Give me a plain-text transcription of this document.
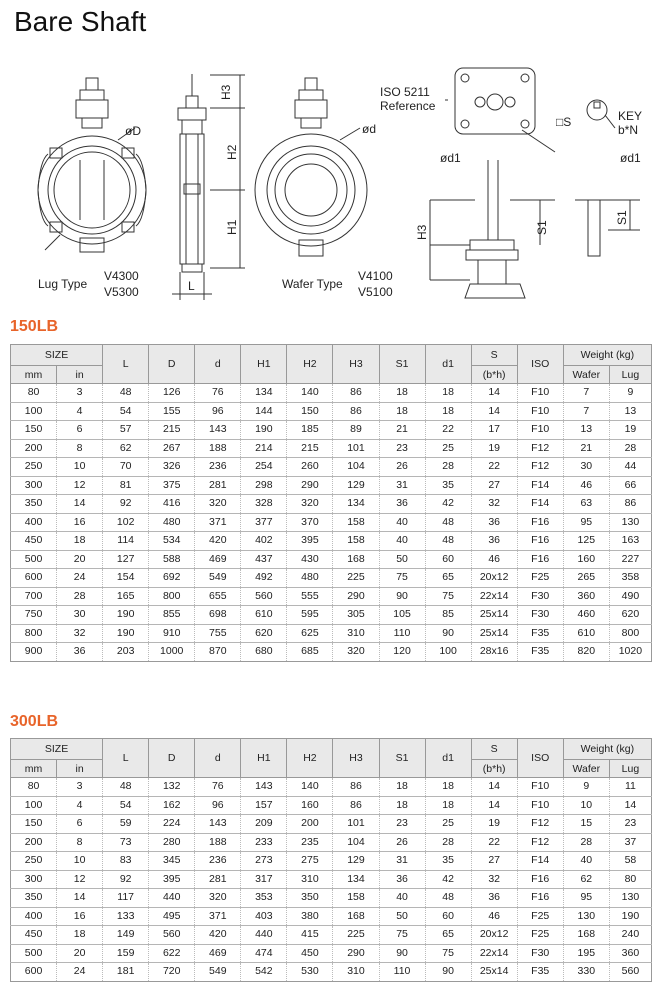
Bare Shaft
øD
H3
H2
H1
L
ød
Lug Type
V4300
V5300
Wafer Type
V4100
V5100
ISO 5211
Reference
□S	KEY
b*N
ød1	ød1
H3	S1
S1
150LB
SIZE		L	D	d	H1	H2	H3	S1	d1	S	ISO	Weight (kg)	
mm	in									(b*h)		Wafer	Lug
80	3	48	126	76	134	140	86	18	18	14	F10	7	9
100	4	54	155	96	144	150	86	18	18	14	F10	7	13
150	6	57	215	143	190	185	89	21	22	17	F10	13	19
200	8	62	267	188	214	215	101	23	25	19	F12	21	28
250	10	70	326	236	254	260	104	26	28	22	F12	30	44
300	12	81	375	281	298	290	129	31	35	27	F14	46	66
350	14	92	416	320	328	320	134	36	42	32	F14	63	86
400	16	102	480	371	377	370	158	40	48	36	F16	95	130
450	18	114	534	420	402	395	158	40	48	36	F16	125	163
500	20	127	588	469	437	430	168	50	60	46	F16	160	227
600	24	154	692	549	492	480	225	75	65	20x12	F25	265	358
700	28	165	800	655	560	555	290	90	75	22x14	F30	360	490
750	30	190	855	698	610	595	305	105	85	25x14	F30	460	620
800	32	190	910	755	620	625	310	110	90	25x14	F35	610	800
900	36	203	1000	870	680	685	320	120	100	28x16	F35	820	1020
300LB
SIZE		L	D	d	H1	H2	H3	S1	d1	S	ISO	Weight (kg)	
mm	in									(b*h)		Wafer	Lug
80	3	48	132	76	143	140	86	18	18	14	F10	9	11
100	4	54	162	96	157	160	86	18	18	14	F10	10	14
150	6	59	224	143	209	200	101	23	25	19	F12	15	23
200	8	73	280	188	233	235	104	26	28	22	F12	28	37
250	10	83	345	236	273	275	129	31	35	27	F14	40	58
300	12	92	395	281	317	310	134	36	42	32	F16	62	80
350	14	117	440	320	353	350	158	40	48	36	F16	95	130
400	16	133	495	371	403	380	168	50	60	46	F25	130	190
450	18	149	560	420	440	415	225	75	65	20x12	F25	168	240
500	20	159	622	469	474	450	290	90	75	22x14	F30	195	360
600	24	181	720	549	542	530	310	110	90	25x14	F35	330	560
